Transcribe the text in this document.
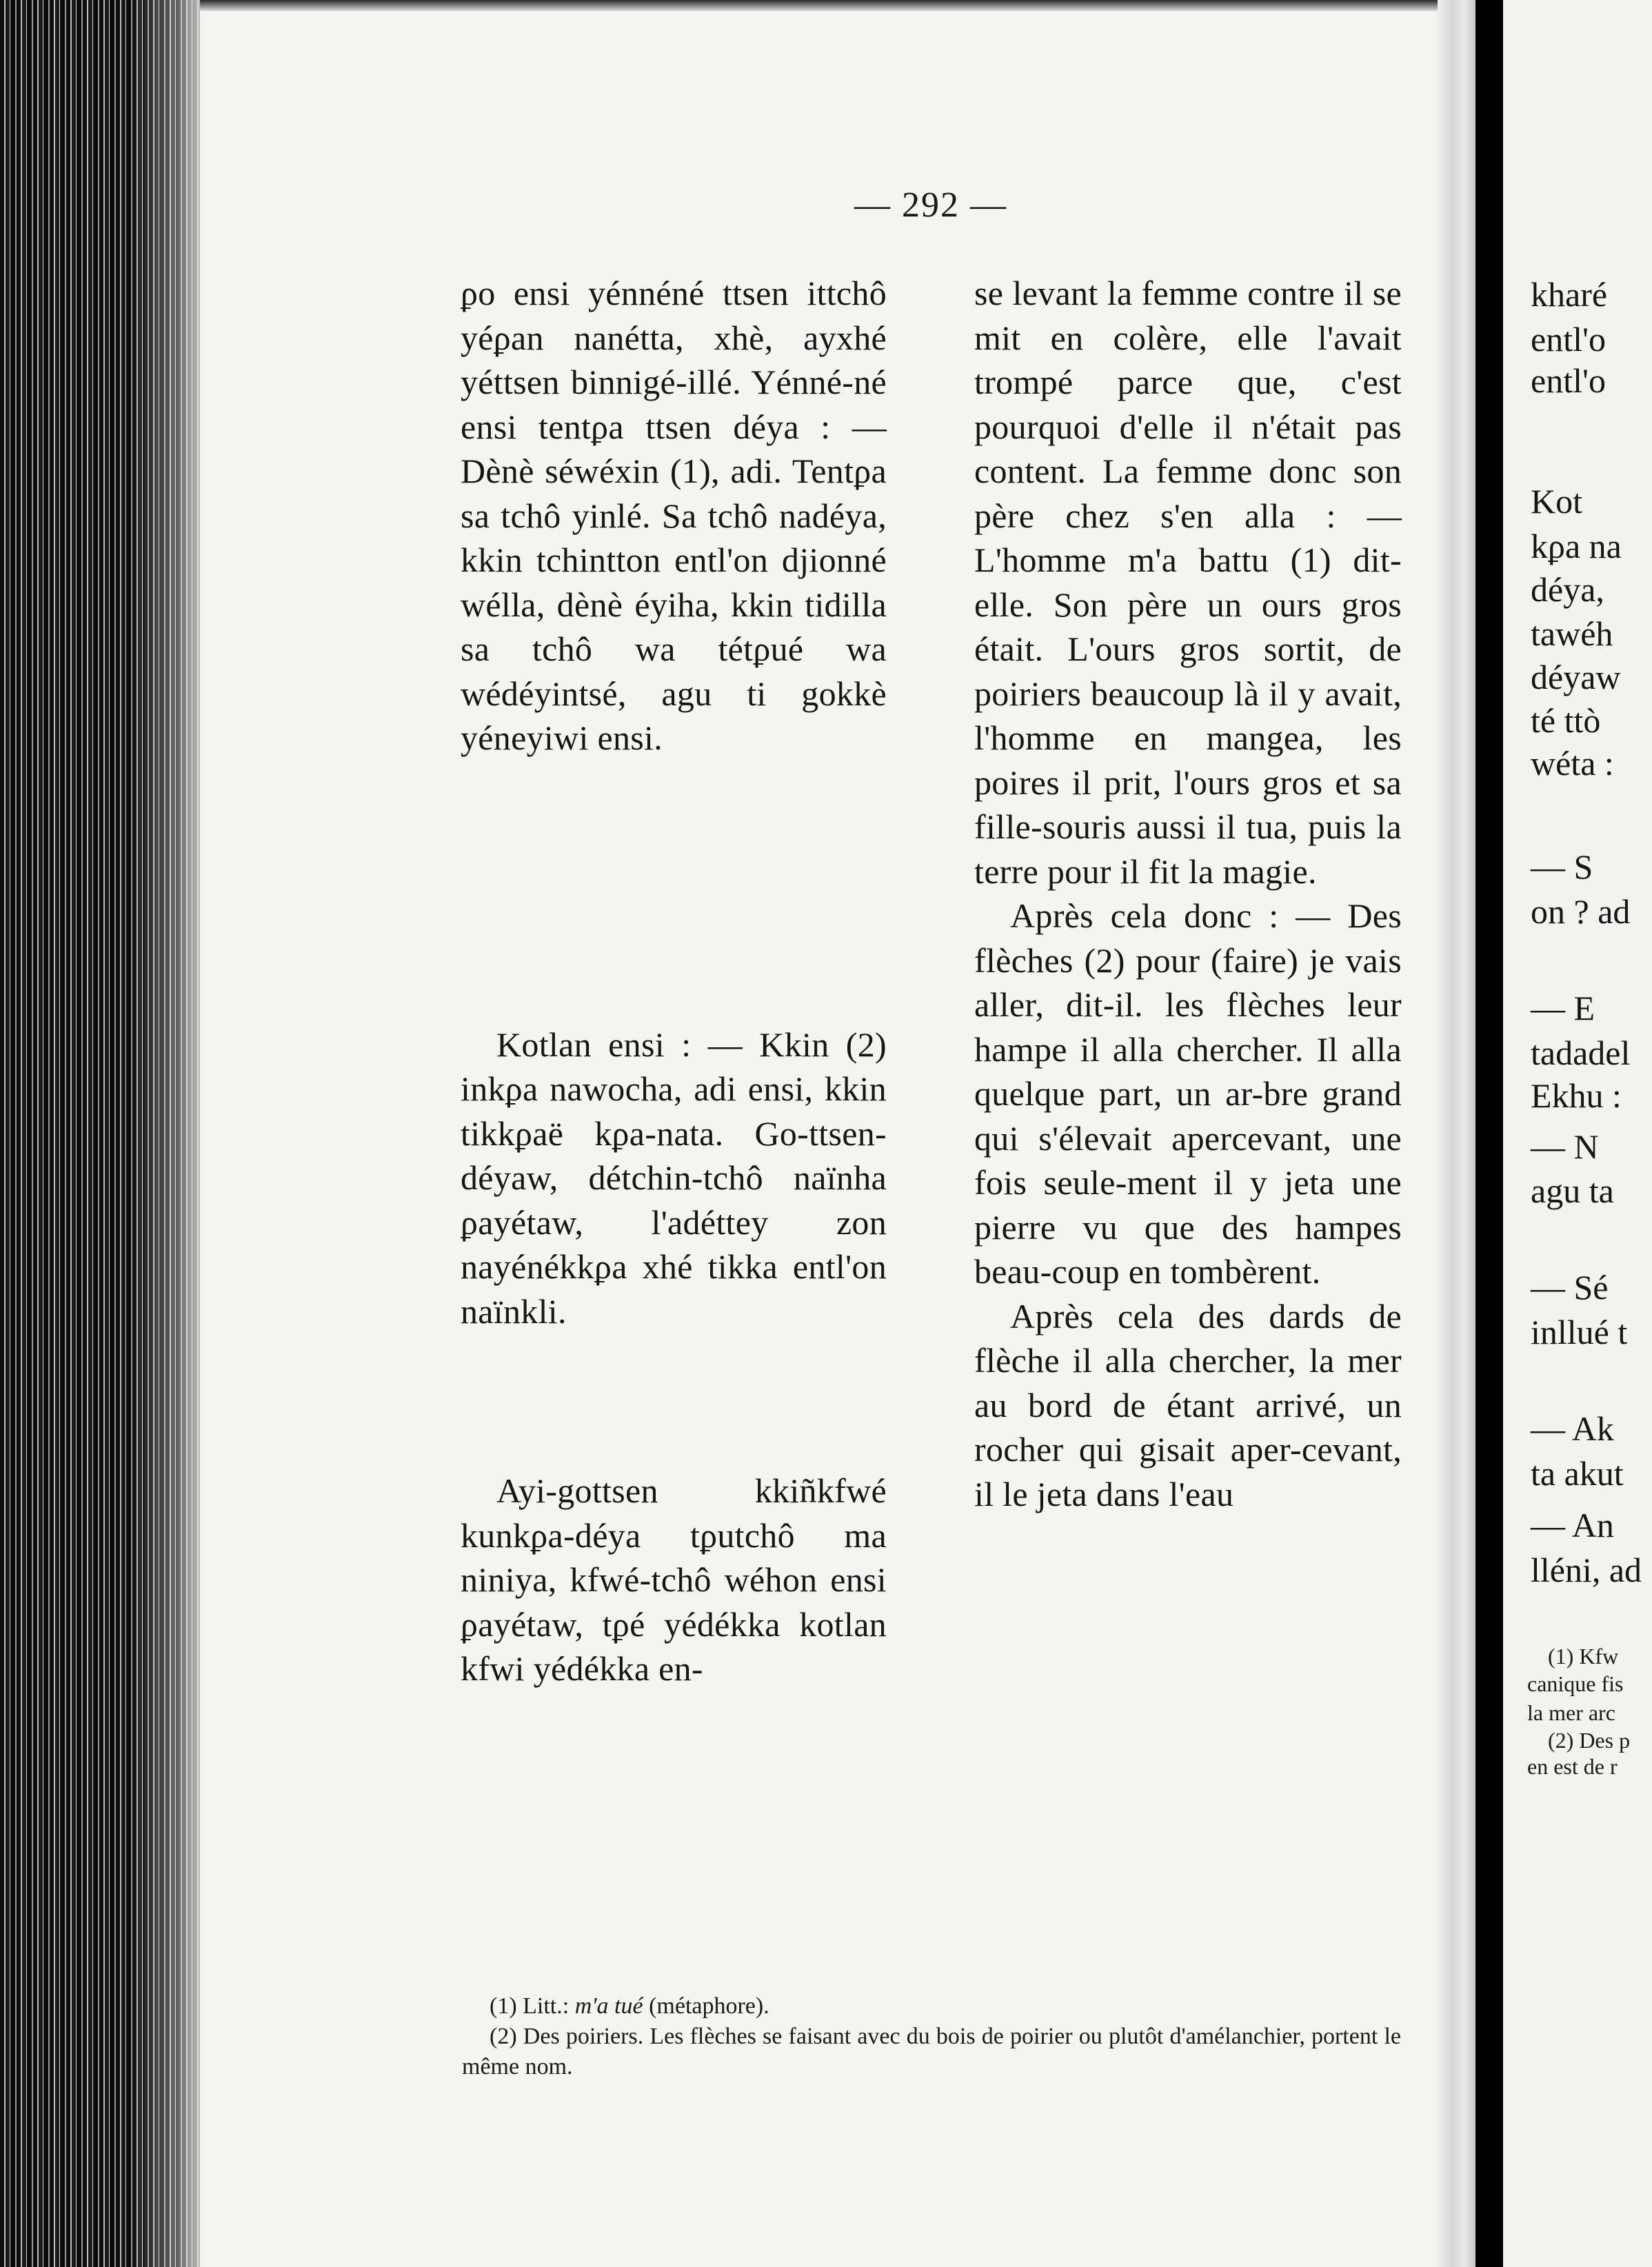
— 292 —

ϼo ensi yénnéné ttsen ittchô yéϼan nanétta, xhè, ayxhé yéttsen binnigé-illé. Yénné-né ensi tentϼa ttsen déya : — Dènè séwéxin (1), adi. Tentϼa sa tchô yinlé. Sa tchô nadéya, kkin tchintton entl'on djionné wélla, dènè éyiha, kkin tidilla sa tchô wa tétϼué wa wédéyintsé, agu ti gokkè yéneyiwi ensi.

Kotlan ensi : — Kkin (2) inkϼa nawocha, adi ensi, kkin tikkϼaë kϼa-nata. Go-ttsen-déyaw, détchin-tchô naïnha ϼayétaw, l'adéttey zon nayénékkϼa xhé tikka entl'on naïnkli.

Ayi-gottsen kkiñkfwé kunkϼa-déya tϼutchô ma niniya, kfwé-tchô wéhon ensi ϼayétaw, tϼé yédékka kotlan kfwi yédékka en-

se levant la femme contre il se mit en colère, elle l'avait trompé parce que, c'est pourquoi d'elle il n'était pas content. La femme donc son père chez s'en alla : — L'homme m'a battu (1) dit-elle. Son père un ours gros était. L'ours gros sortit, de poiriers beaucoup là il y avait, l'homme en mangea, les poires il prit, l'ours gros et sa fille-souris aussi il tua, puis la terre pour il fit la magie.

Après cela donc : — Des flèches (2) pour (faire) je vais aller, dit-il. les flèches leur hampe il alla chercher. Il alla quelque part, un ar-bre grand qui s'élevait apercevant, une fois seule-ment il y jeta une pierre vu que des hampes beau-coup en tombèrent.

Après cela des dards de flèche il alla chercher, la mer au bord de étant arrivé, un rocher qui gisait aper-cevant, il le jeta dans l'eau

(1) Litt.: m'a tué (métaphore).

(2) Des poiriers. Les flèches se faisant avec du bois de poirier ou plutôt d'amélanchier, portent le même nom.

kharé
entl'o
entl'o
Kot
kϼa na
déya,
tawéh
déyaw
té ttò
wéta :
— S
on ? ad
— E
tadadel
Ekhu :
— N
agu ta
— Sé
inllué t
— Ak
ta akut
— An
lléni, ad
(1) Kfw
canique fis
la mer arc
(2) Des p
en est de r
